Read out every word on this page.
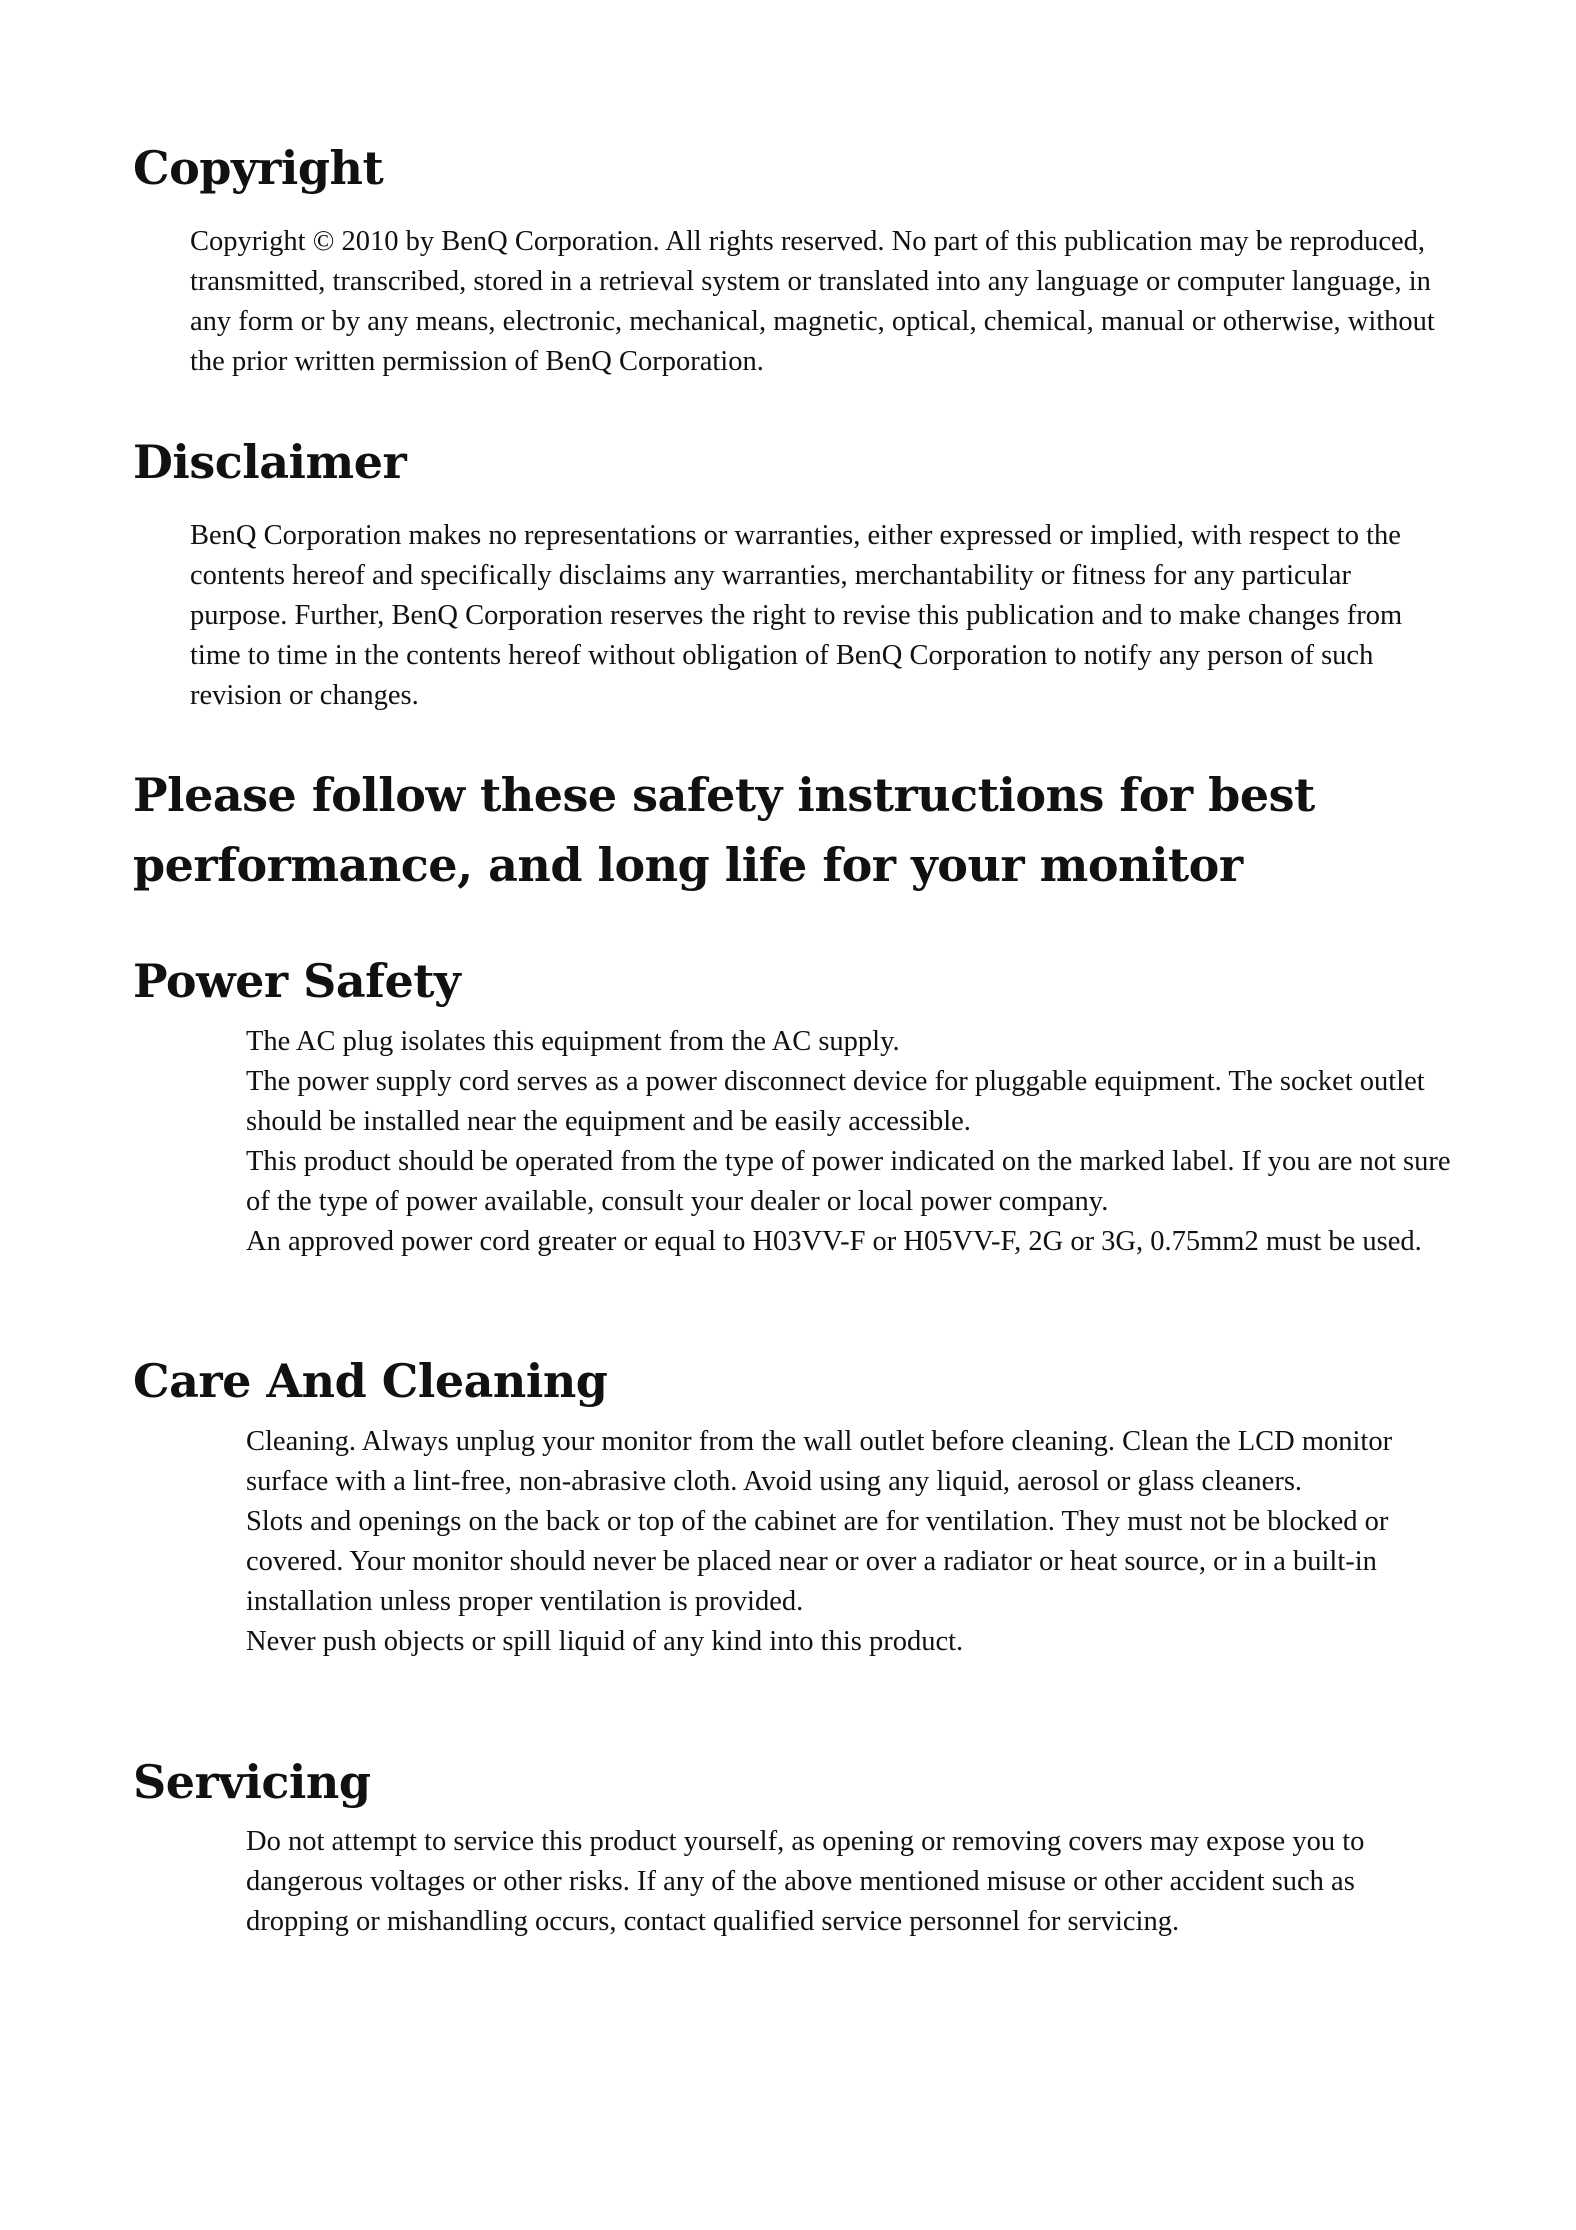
Copyright

Copyright © 2010 by BenQ Corporation. All rights reserved. No part of this publication may be reproduced, transmitted, transcribed, stored in a retrieval system or translated into any language or computer language, in any form or by any means, electronic, mechanical, magnetic, optical, chemical, manual or otherwise, without the prior written permission of BenQ Corporation.

Disclaimer

BenQ Corporation makes no representations or warranties, either expressed or implied, with respect to the contents hereof and specifically disclaims any warranties, merchantability or fitness for any particular purpose. Further, BenQ Corporation reserves the right to revise this publication and to make changes from time to time in the contents hereof without obligation of BenQ Corporation to notify any person of such revision or changes.

Please follow these safety instructions for best performance, and long life for your monitor
Power Safety

The AC plug isolates this equipment from the AC supply.

The power supply cord serves as a power disconnect device for pluggable equipment. The socket outlet should be installed near the equipment and be easily accessible.

This product should be operated from the type of power indicated on the marked label. If you are not sure of the type of power available, consult your dealer or local power company.

An approved power cord greater or equal to H03VV-F or H05VV-F, 2G or 3G, 0.75mm2 must be used.

Care And Cleaning

Cleaning. Always unplug your monitor from the wall outlet before cleaning. Clean the LCD monitor surface with a lint-free, non-abrasive cloth. Avoid using any liquid, aerosol or glass cleaners.

Slots and openings on the back or top of the cabinet are for ventilation. They must not be blocked or covered. Your monitor should never be placed near or over a radiator or heat source, or in a built-in installation unless proper ventilation is provided.

Never push objects or spill liquid of any kind into this product.

Servicing

Do not attempt to service this product yourself, as opening or removing covers may expose you to dangerous voltages or other risks. If any of the above mentioned misuse or other accident such as dropping or mishandling occurs, contact qualified service personnel for servicing.
